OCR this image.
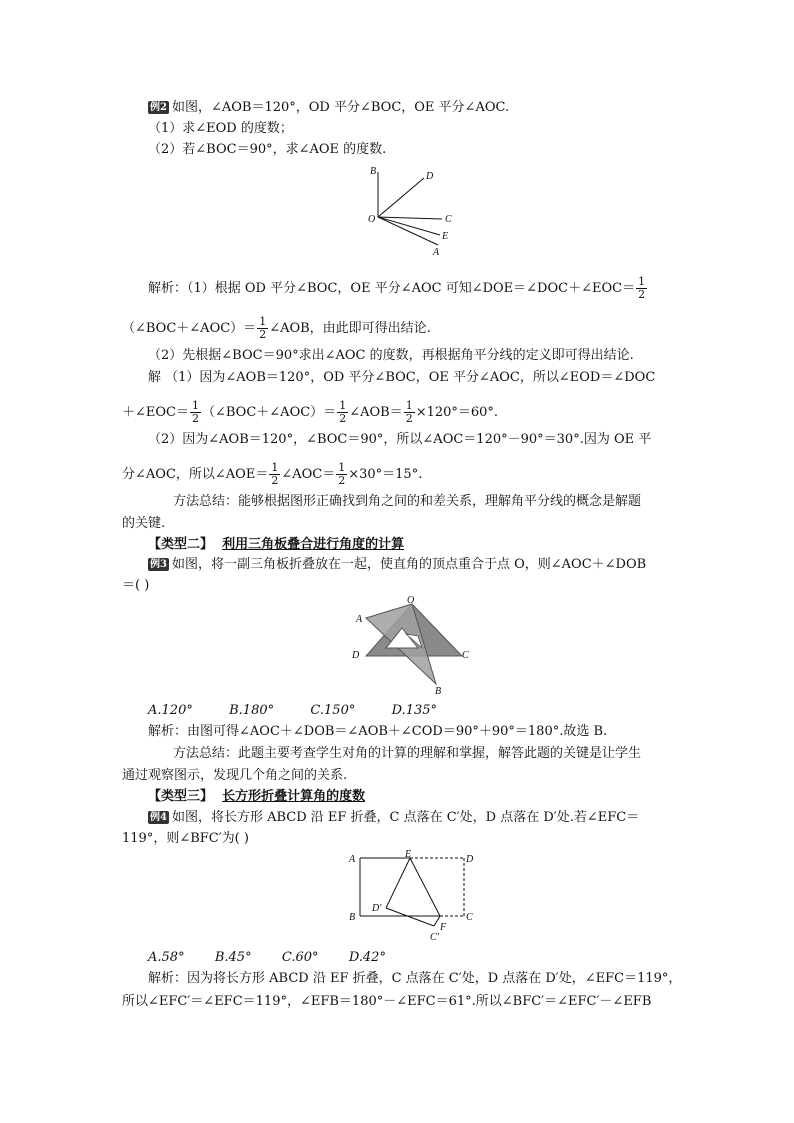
例2 如图，∠AOB＝120°，OD 平分∠BOC，OE 平分∠AOC.
（1）求∠EOD 的度数；
（2）若∠BOC＝90°，求∠AOE 的度数.
B	D
O	C
E
A
解析：（1）根据 OD 平分∠BOC，OE 平分∠AOC 可知∠DOE＝∠DOC＋∠EOC＝ $\frac{1}{2}$
（∠BOC＋∠AOC）＝ $\frac{1}{2}$ ∠AOB，由此即可得出结论.
（2）先根据∠BOC＝90°求出∠AOC 的度数，再根据角平分线的定义即可得出结论.
解 （1）因为∠AOB＝120°，OD 平分∠BOC，OE 平分∠AOC，所以∠EOD＝∠DOC
＋∠EOC＝ $\frac{1}{2}$ （∠BOC＋∠AOC）＝ $\frac{1}{2}$ ∠AOB＝ $\frac{1}{2} \times 120^\circ=60^\circ$.
（2）因为∠AOB＝120°，∠BOC＝90°，所以∠AOC＝120°－90°＝30°.因为 OE 平
分∠AOC，所以∠AOE＝ $\frac{1}{2}$ ∠AOC＝ $\frac{1}{2} \times 30^\circ=15^\circ$.
方法总结：能够根据图形正确找到角之间的和差关系，理解角平分线的概念是解题
的关键.
【类型二】 利用三角板叠合进行角度的计算
例3 如图，将一副三角板折叠放在一起，使直角的顶点重合于点 O，则∠AOC＋∠DOB
＝( )
O
A
D	C
B
A.120°	B.180°	C.150°	D.135°
解析：由图可得∠AOC＋∠DOB＝∠AOB＋∠COD＝90°＋90°＝180°.故选 B.
方法总结：此题主要考查学生对角的计算的理解和掌握，解答此题的关键是让学生
通过观察图示，发现几个角之间的关系.
【类型三】 长方形折叠计算角的度数
例4 如图，将长方形 ABCD 沿 EF 折叠，C 点落在 C′处，D 点落在 D′处.若∠EFC＝
119°，则∠BFC′为( )
A	E	D
B
D′
F
C
C′
A.58° B.45° C.60° D.42°
解析：因为将长方形 ABCD 沿 EF 折叠，C 点落在 C′处，D 点落在 D′处，∠EFC＝119°，
所以∠EFC′＝∠EFC＝119°，∠EFB＝180°－∠EFC＝61°.所以∠BFC′＝∠EFC′－∠EFB
